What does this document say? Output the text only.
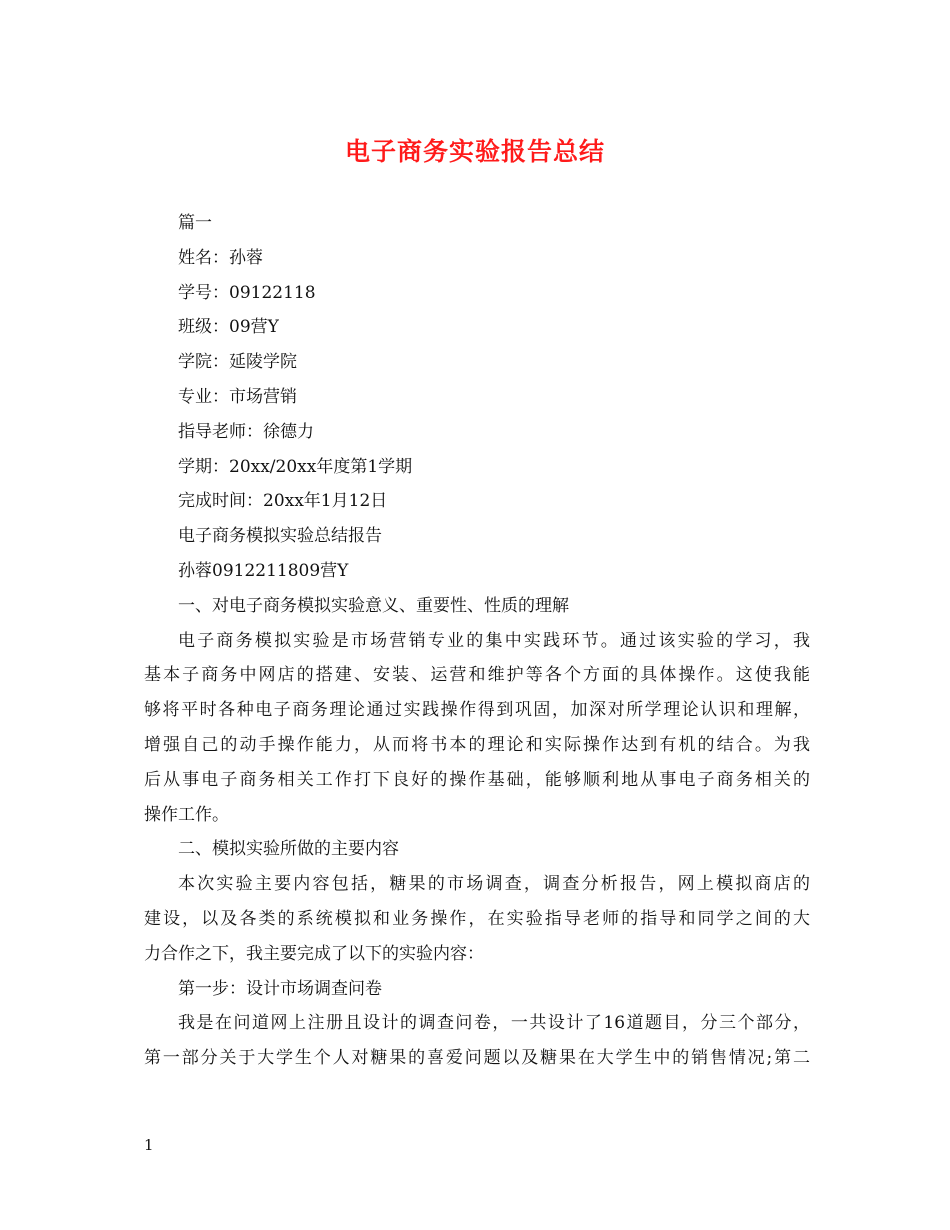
电子商务实验报告总结
篇一
姓名：孙蓉
学号：09122118
班级：09营Y
学院：延陵学院
专业：市场营销
指导老师：徐德力
学期：20xx/20xx年度第1学期
完成时间：20xx年1月12日
电子商务模拟实验总结报告
孙蓉0912211809营Y
一、对电子商务模拟实验意义、重要性、性质的理解
电子商务模拟实验是市场营销专业的集中实践环节。通过该实验的学习，我
基本子商务中网店的搭建、安装、运营和维护等各个方面的具体操作。这使我能
够将平时各种电子商务理论通过实践操作得到巩固，加深对所学理论认识和理解，
增强自己的动手操作能力，从而将书本的理论和实际操作达到有机的结合。为我
后从事电子商务相关工作打下良好的操作基础，能够顺利地从事电子商务相关的
操作工作。
二、模拟实验所做的主要内容
本次实验主要内容包括，糖果的市场调查，调查分析报告，网上模拟商店的
建设，以及各类的系统模拟和业务操作，在实验指导老师的指导和同学之间的大
力合作之下，我主要完成了以下的实验内容：
第一步：设计市场调查问卷
我是在问道网上注册且设计的调查问卷，一共设计了16道题目，分三个部分，
第一部分关于大学生个人对糖果的喜爱问题以及糖果在大学生中的销售情况;第二
1
